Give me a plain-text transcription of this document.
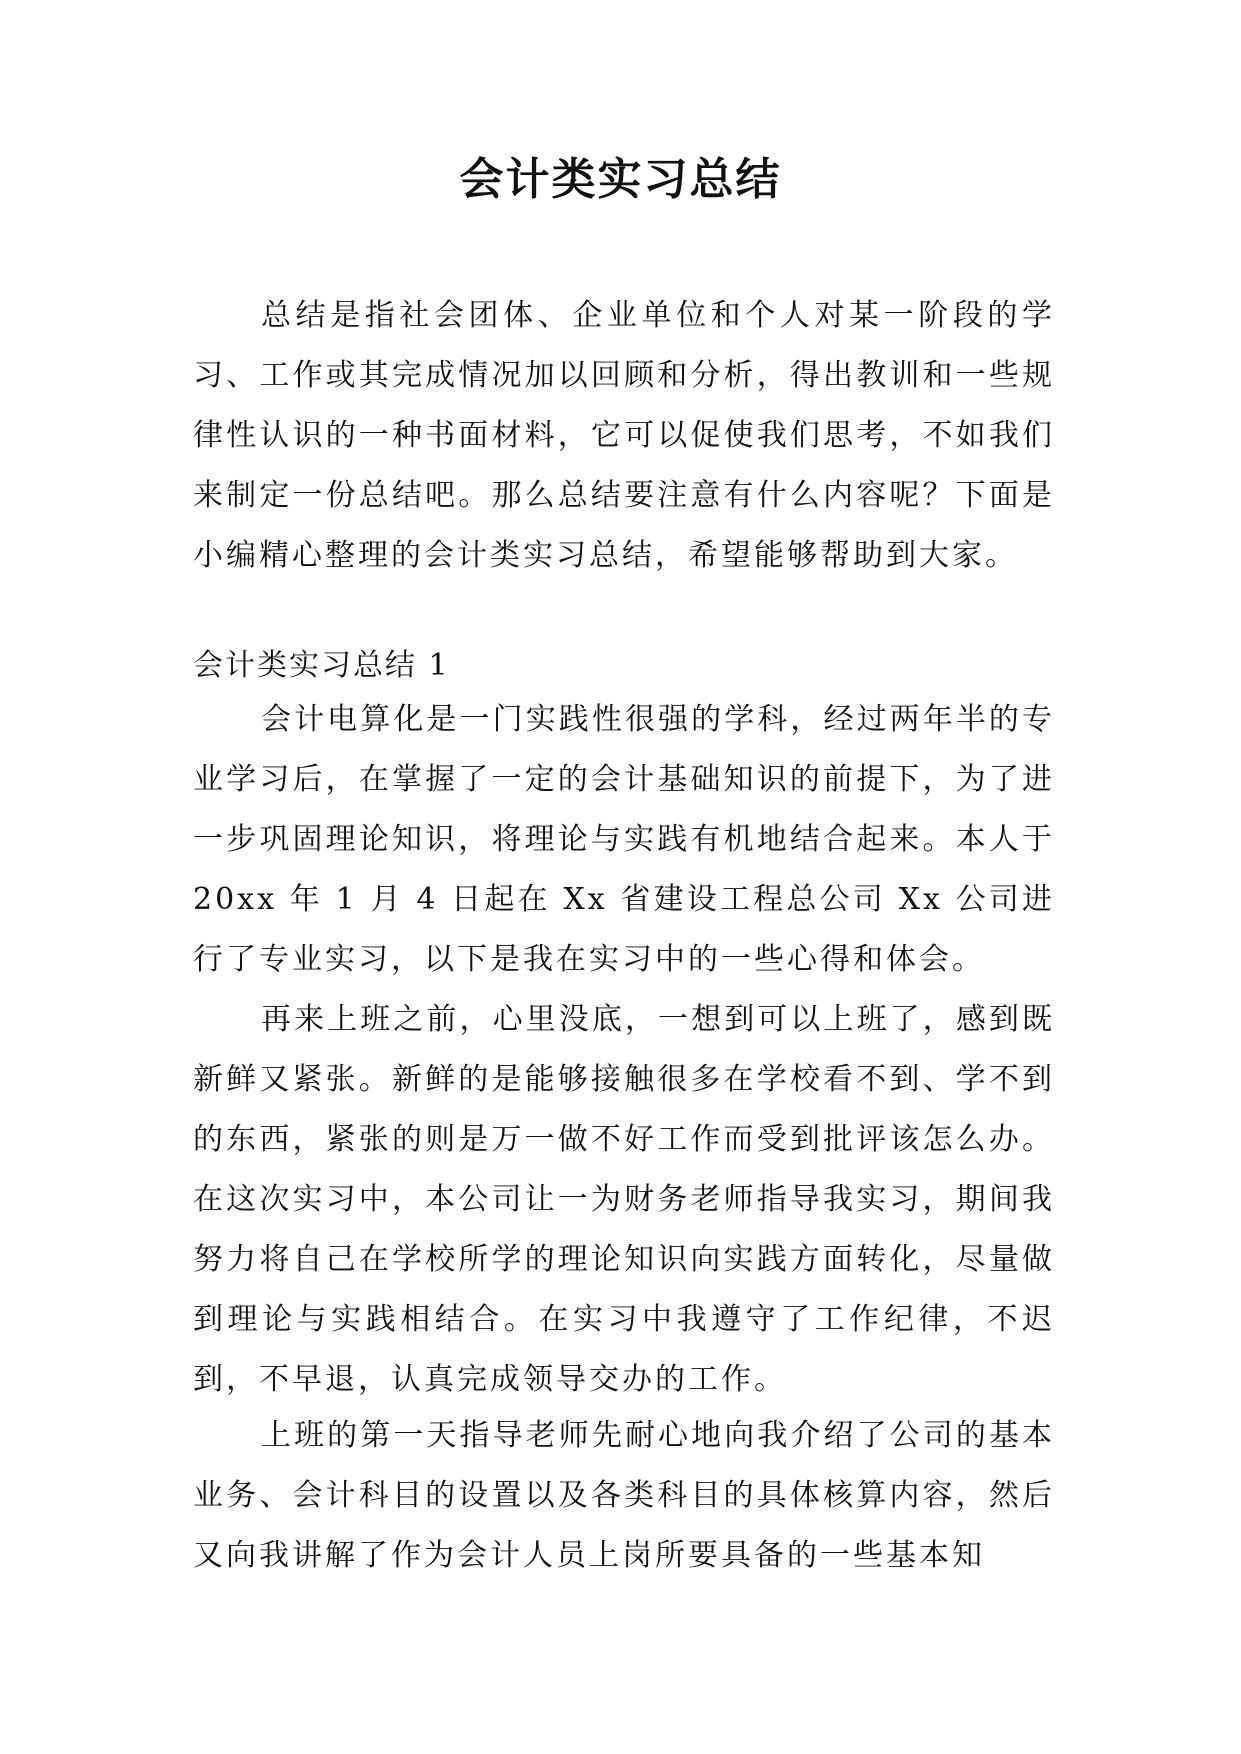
会计类实习总结

总结是指社会团体、企业单位和个人对某一阶段的学习、工作或其完成情况加以回顾和分析，得出教训和一些规律性认识的一种书面材料，它可以促使我们思考，不如我们来制定一份总结吧。那么总结要注意有什么内容呢？下面是小编精心整理的会计类实习总结，希望能够帮助到大家。

会计类实习总结 1

会计电算化是一门实践性很强的学科，经过两年半的专业学习后，在掌握了一定的会计基础知识的前提下，为了进一步巩固理论知识，将理论与实践有机地结合起来。本人于 20xx 年 1 月 4 日起在 Xx 省建设工程总公司 Xx 公司进行了专业实习，以下是我在实习中的一些心得和体会。

再来上班之前，心里没底，一想到可以上班了，感到既新鲜又紧张。新鲜的是能够接触很多在学校看不到、学不到的东西，紧张的则是万一做不好工作而受到批评该怎么办。在这次实习中，本公司让一为财务老师指导我实习，期间我努力将自己在学校所学的理论知识向实践方面转化，尽量做到理论与实践相结合。在实习中我遵守了工作纪律，不迟到，不早退，认真完成领导交办的工作。

上班的第一天指导老师先耐心地向我介绍了公司的基本业务、会计科目的设置以及各类科目的具体核算内容，然后又向我讲解了作为会计人员上岗所要具备的一些基本知
